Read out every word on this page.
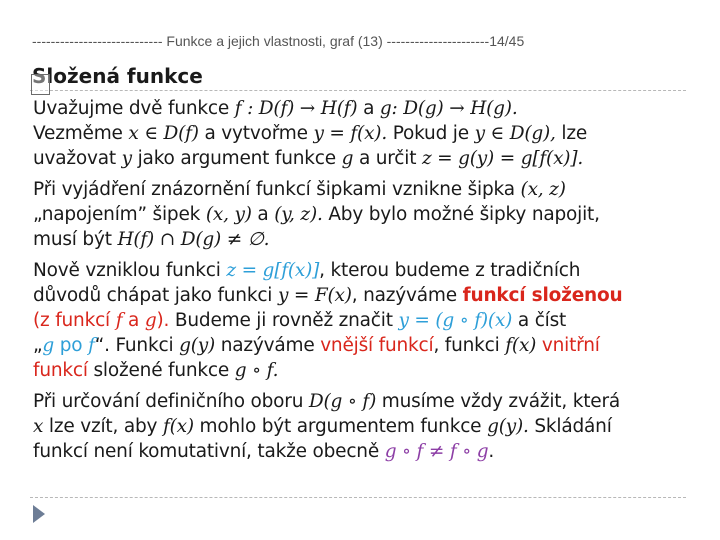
---------------------------- Funkce a jejich vlastnosti, graf (13) ----------------------14/45
Složená funkce

Uvažujme dvě funkce f : D(f) → H(f) a g: D(g) → H(g).
Vezměme x ∈ D(f) a vytvořme y = f(x). Pokud je y ∈ D(g), lze
uvažovat y jako argument funkce g a určit z = g(y) = g[f(x)].

Při vyjádření znázornění funkcí šipkami vznikne šipka (x, z)
„napojením” šipek (x, y) a (y, z). Aby bylo možné šipky napojit,
musí být H(f) ∩ D(g) ≠ ∅.

Nově vzniklou funkci z = g[f(x)], kterou budeme z tradičních
důvodů chápat jako funkci y = F(x), nazýváme funkcí složenou
(z funkcí f a g). Budeme ji rovněž značit y = (g ∘ f)(x) a číst
„g po f“. Funkci g(y) nazýváme vnější funkcí, funkci f(x) vnitřní
funkcí složené funkce g ∘ f.

Při určování definičního oboru D(g ∘ f) musíme vždy zvážit, která
x lze vzít, aby f(x) mohlo být argumentem funkce g(y). Skládání
funkcí není komutativní, takže obecně g ∘ f ≠ f ∘ g.
